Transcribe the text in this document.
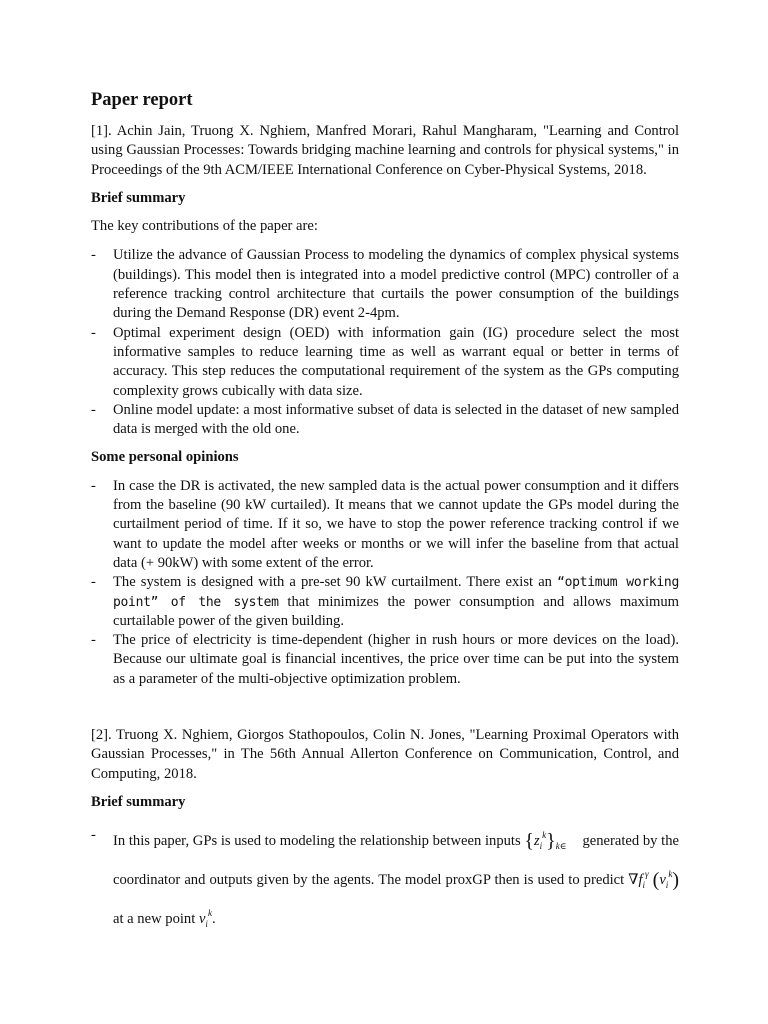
Paper report
[1]. Achin Jain, Truong X. Nghiem, Manfred Morari, Rahul Mangharam, "Learning and Control using Gaussian Processes: Towards bridging machine learning and controls for physical systems," in Proceedings of the 9th ACM/IEEE International Conference on Cyber-Physical Systems, 2018.
Brief summary
The key contributions of the paper are:
- Utilize the advance of Gaussian Process to modeling the dynamics of complex physical systems (buildings). This model then is integrated into a model predictive control (MPC) controller of a reference tracking control architecture that curtails the power consumption of the buildings during the Demand Response (DR) event 2-4pm.
- Optimal experiment design (OED) with information gain (IG) procedure select the most informative samples to reduce learning time as well as warrant equal or better in terms of accuracy. This step reduces the computational requirement of the system as the GPs computing complexity grows cubically with data size.
- Online model update: a most informative subset of data is selected in the dataset of new sampled data is merged with the old one.
Some personal opinions
- In case the DR is activated, the new sampled data is the actual power consumption and it differs from the baseline (90 kW curtailed). It means that we cannot update the GPs model during the curtailment period of time. If it so, we have to stop the power reference tracking control if we want to update the model after weeks or months or we will infer the baseline from that actual data (+ 90kW) with some extent of the error.
- The system is designed with a pre-set 90 kW curtailment. There exist an “optimum working point” of the system that minimizes the power consumption and allows maximum curtailable power of the given building.
- The price of electricity is time-dependent (higher in rush hours or more devices on the load). Because our ultimate goal is financial incentives, the price over time can be put into the system as a parameter of the multi-objective optimization problem.
[2]. Truong X. Nghiem, Giorgos Stathopoulos, Colin N. Jones, "Learning Proximal Operators with Gaussian Processes," in The 56th Annual Allerton Conference on Communication, Control, and Computing, 2018.
Brief summary
- In this paper, GPs is used to modeling the relationship between inputs $\{z_i^k\}_{k\in}$ generated by the coordinator and outputs given by the agents. The model proxGP then is used to predict $\nabla f_i^\gamma$ $(v_i^k)$ at a new point $v_i^k$.
